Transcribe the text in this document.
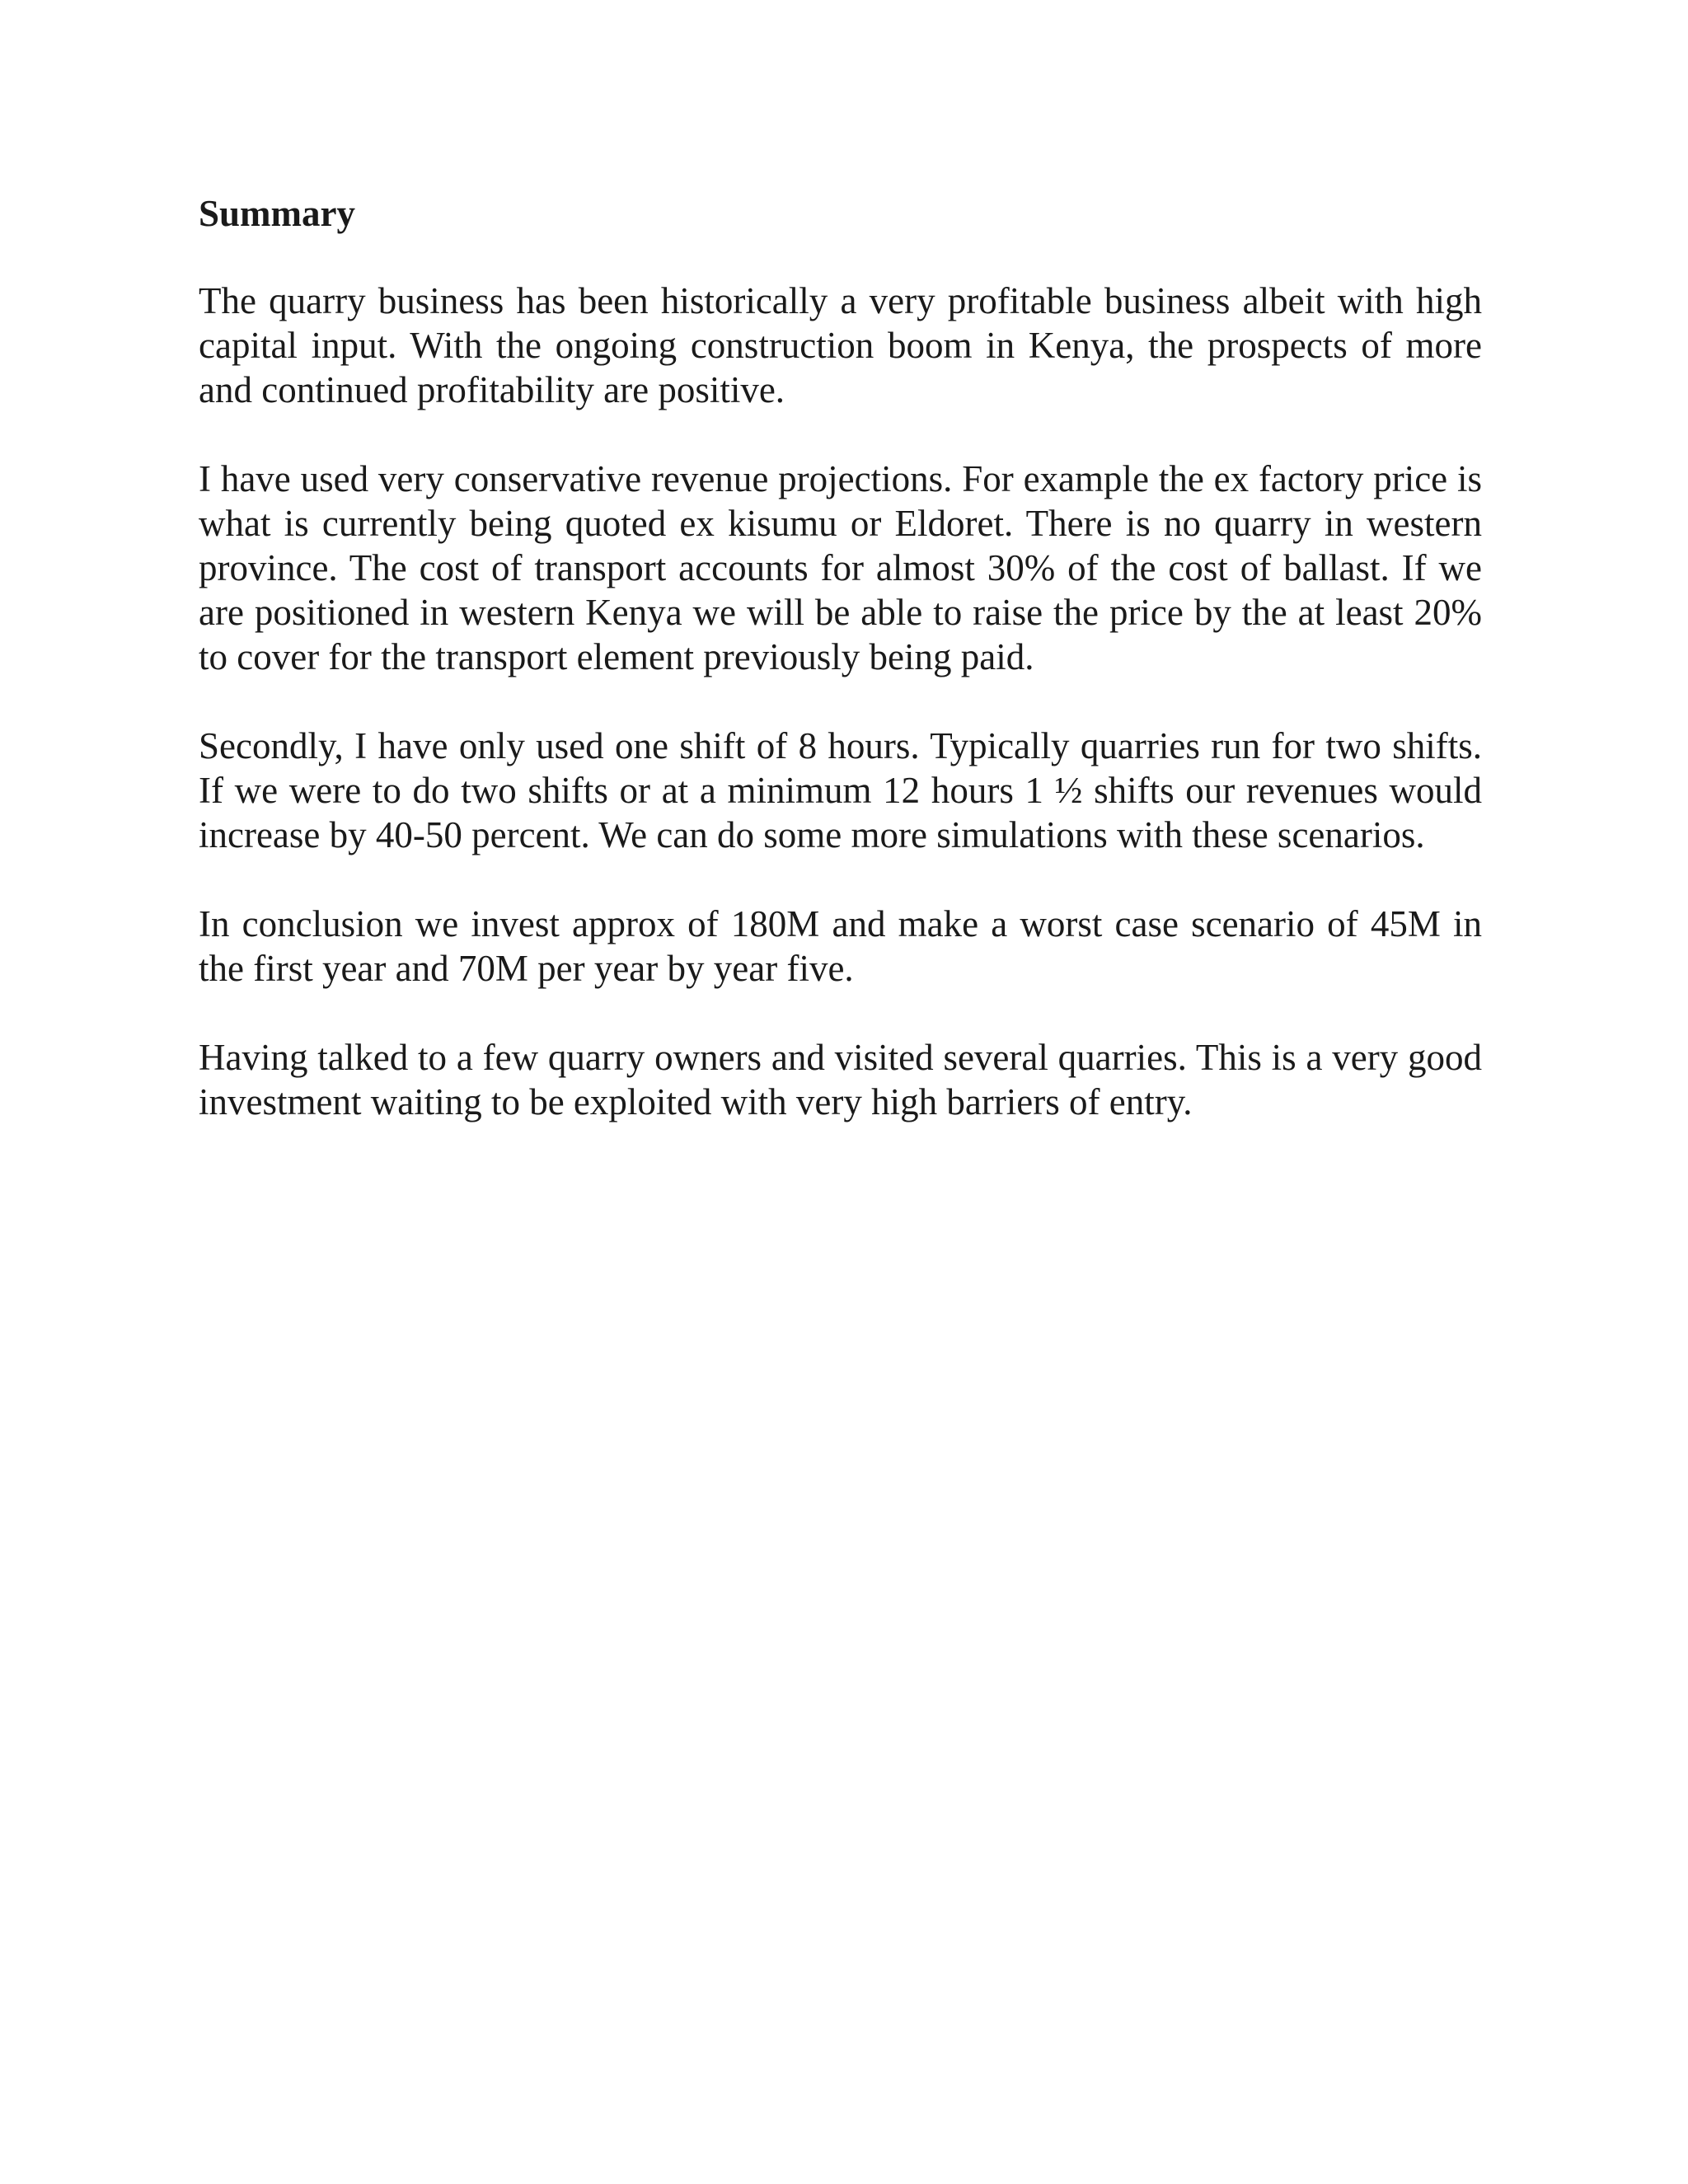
Summary

The quarry business has been historically a very profitable business albeit with high capital input. With the ongoing construction boom in Kenya, the prospects of more and continued profitability are positive.

I have used very conservative revenue projections. For example the ex factory price is what is currently being quoted ex kisumu or Eldoret. There is no quarry in western province. The cost of transport accounts for almost 30% of the cost of ballast. If we are positioned in western Kenya we will be able to raise the price by the at least 20% to cover for the transport element previously being paid.

Secondly, I have only used one shift of 8 hours. Typically quarries run for two shifts. If we were to do two shifts or at a minimum 12 hours 1 ½ shifts our revenues would increase by 40-50 percent. We can do some more simulations with these scenarios.

In conclusion we invest approx of 180M and make a worst case scenario of 45M in the first year and 70M per year by year five.

Having talked to a few quarry owners and visited several quarries. This is a very good investment waiting to be exploited with very high barriers of entry.
